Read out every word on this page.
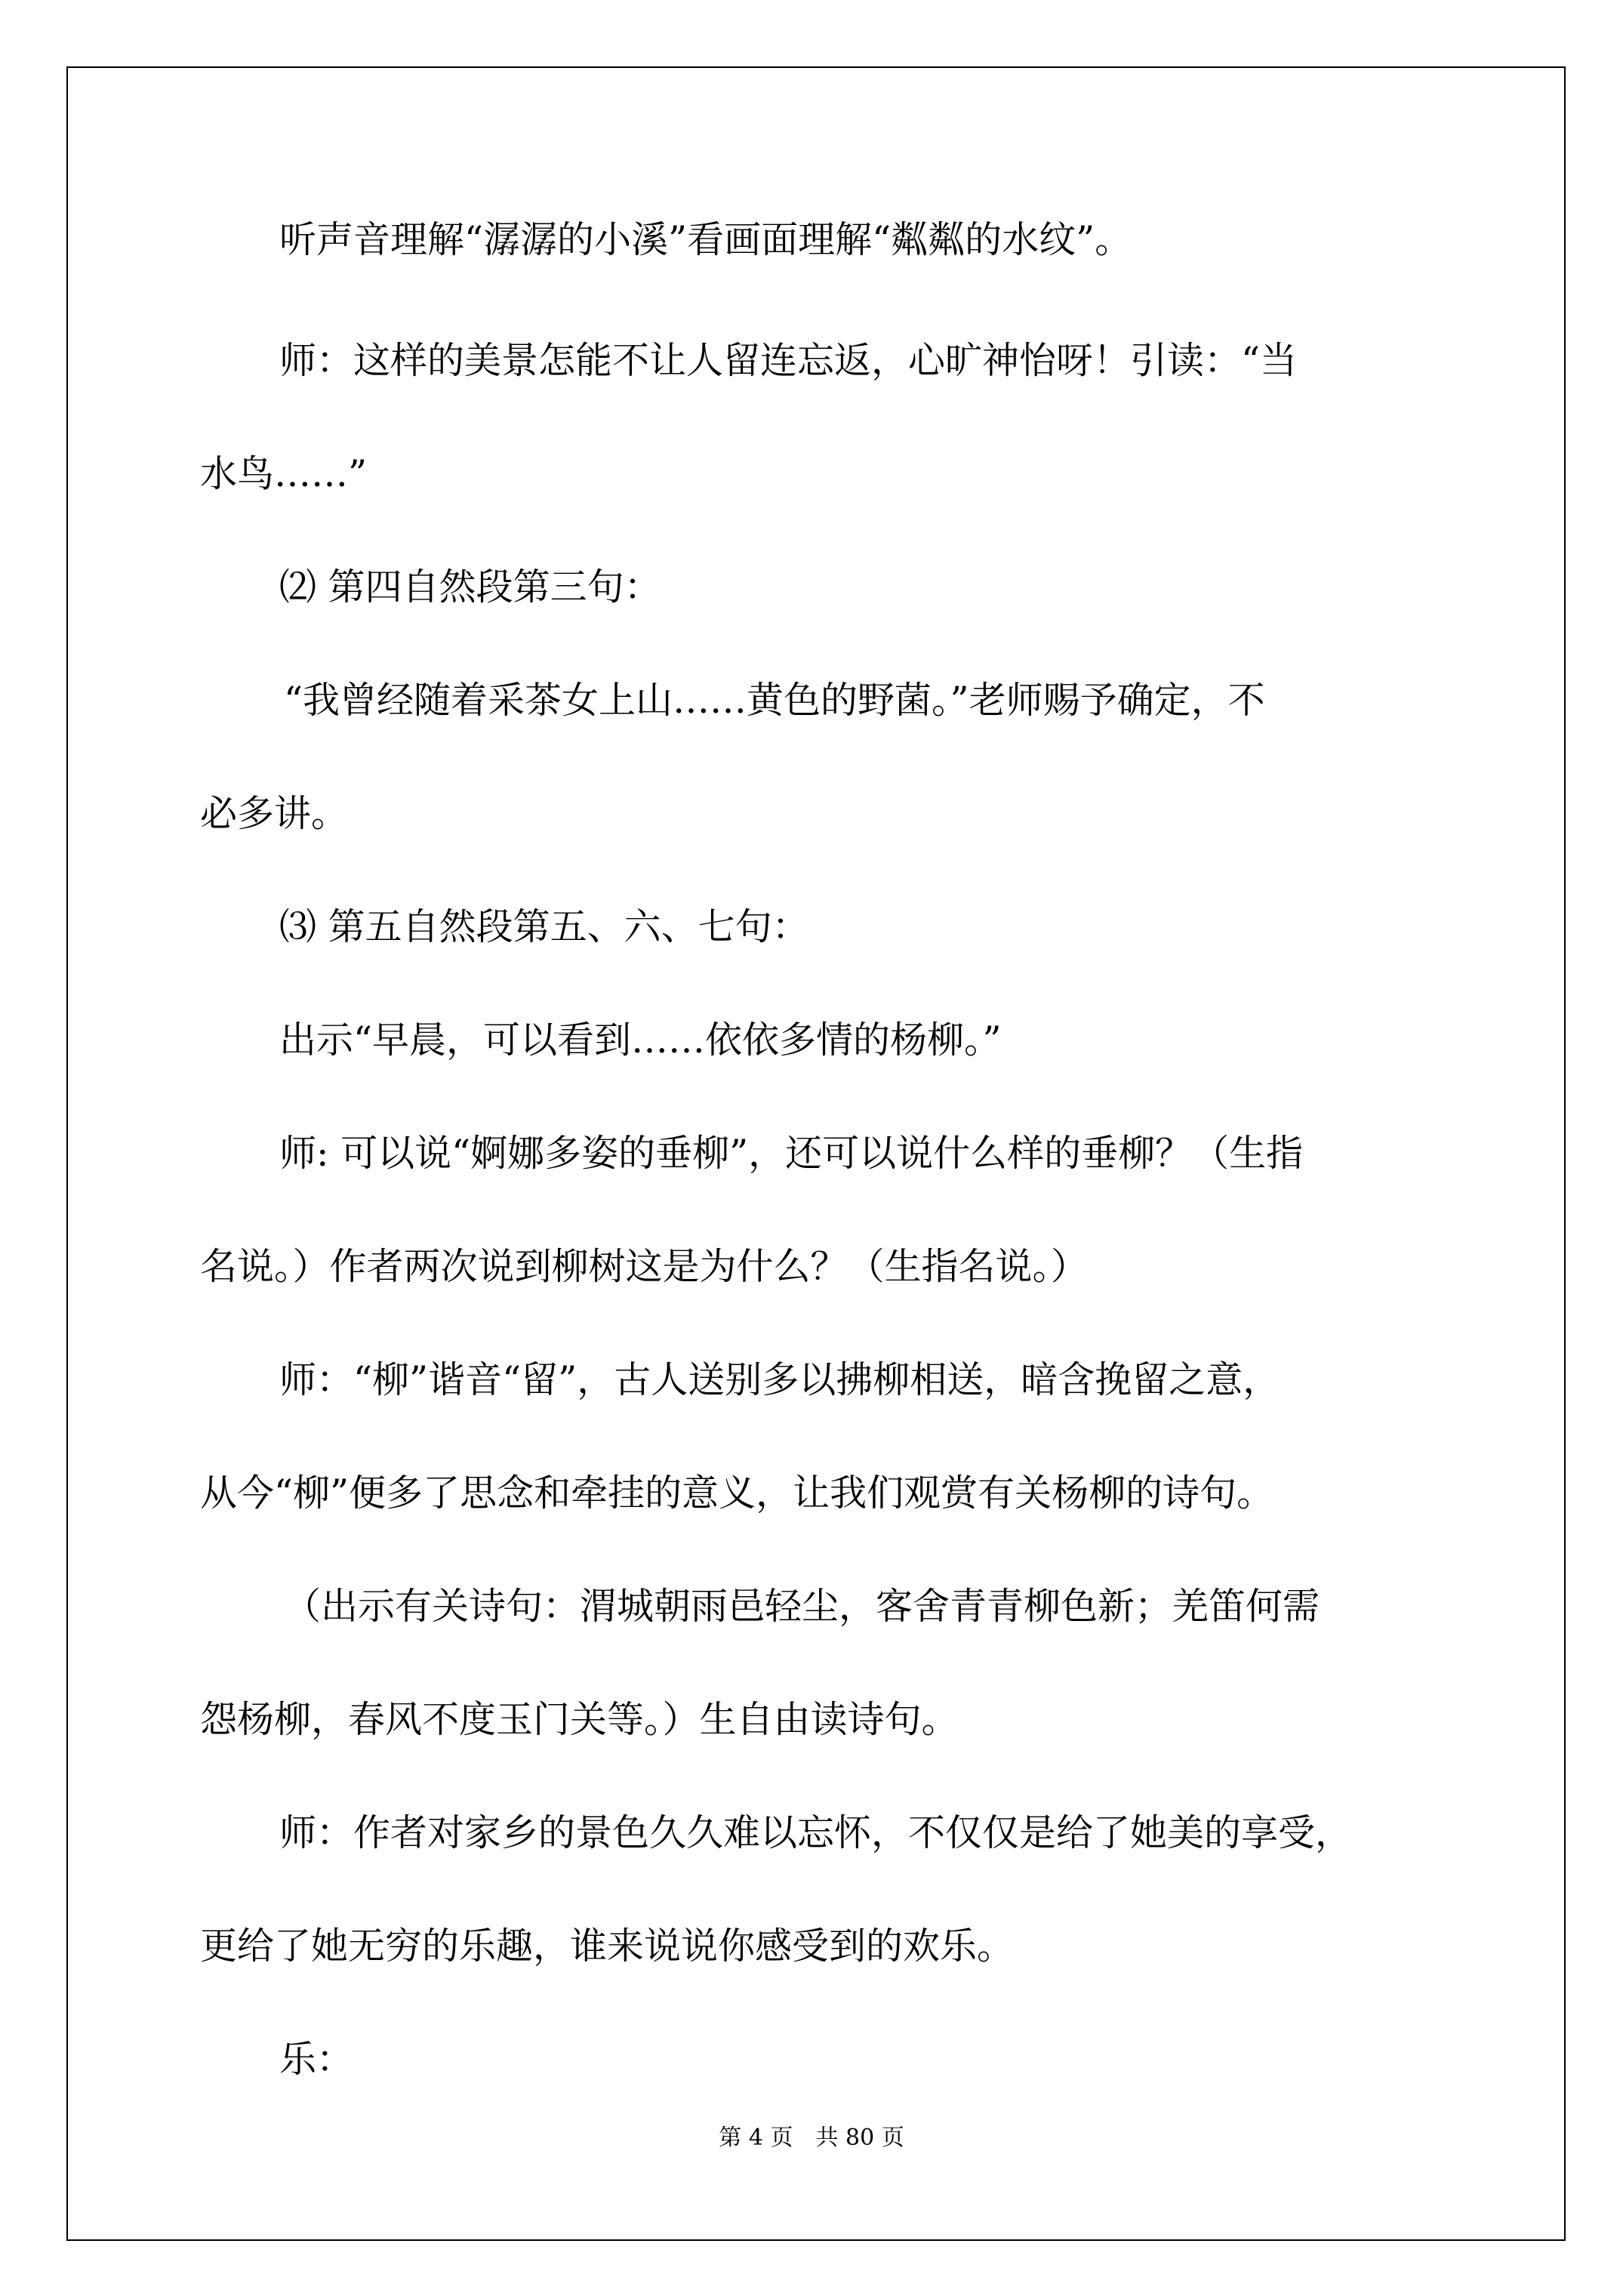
听声音理解“潺潺的小溪”看画面理解“粼粼的水纹”。
师：这样的美景怎能不让人留连忘返，心旷神怡呀！引读：“当
水鸟……”
⑵ 第四自然段第三句：
“我曾经随着采茶女上山……黄色的野菌。”老师赐予确定，不
必多讲。
⑶ 第五自然段第五、六、七句：
出示“早晨，可以看到……依依多情的杨柳。”
师: 可以说“婀娜多姿的垂柳”，还可以说什么样的垂柳？（生指
名说。）作者两次说到柳树这是为什么？（生指名说。）
师：“柳”谐音“留”，古人送别多以拂柳相送，暗含挽留之意，
从今“柳”便多了思念和牵挂的意义，让我们观赏有关杨柳的诗句。
（出示有关诗句：渭城朝雨邑轻尘，客舍青青柳色新；羌笛何需
怨杨柳，春风不度玉门关等。）生自由读诗句。
师：作者对家乡的景色久久难以忘怀，不仅仅是给了她美的享受，
更给了她无穷的乐趣，谁来说说你感受到的欢乐。
乐：
第 4 页　共 80 页
